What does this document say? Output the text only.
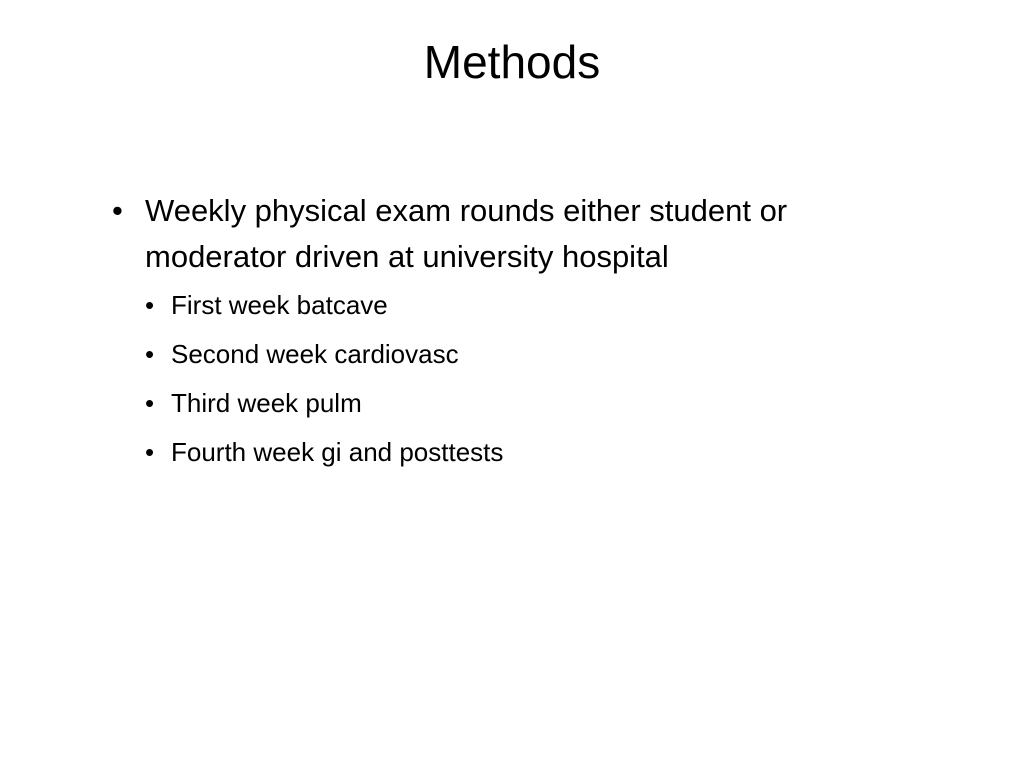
Methods
• Weekly physical exam rounds either student or moderator driven at university hospital
• First week batcave
• Second week cardiovasc
• Third week pulm
• Fourth week gi and posttests
